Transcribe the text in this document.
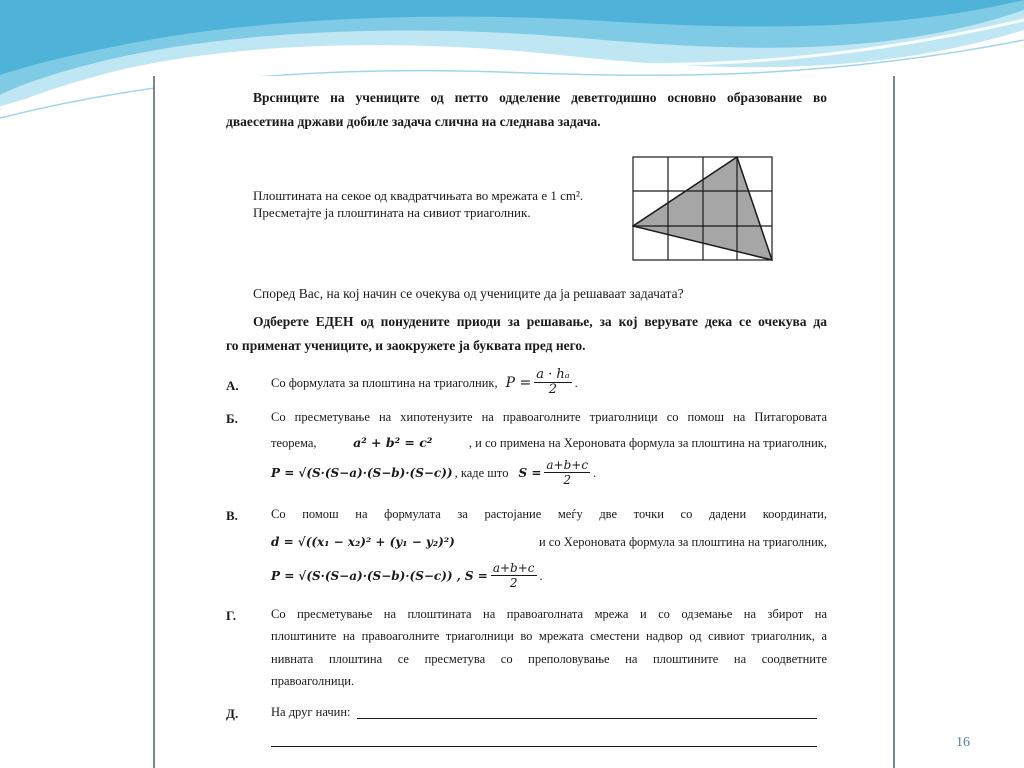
Врсниците на учениците од петто одделение деветгодишно основно образование во
дваесетина држави добиле задача слична на следнава задача.
Плоштината на секое од квадратчињата во мрежата е 1 cm².
Пресметајте ја плоштината на сивиот триаголник.
Според Вас, на кој начин се очекува од учениците да ја решаваат задачата?
Одберете ЕДЕН од понудените приоди за решавање, за кој верувате дека се очекува да
го применат учениците, и заокружете ја буквата пред него.
А.	Со формулата за плоштина на триаголник, $P = \frac{\text{a · hₐ}}{2}$ .
Б.	Со пресметување на хипотенузите на правоаголните триаголници со помош на Питагоровата
теорема,	a² + b² = c²	, и со примена на Хероновата формула за плоштина на триаголник,
P = √(S·(S−a)·(S−b)·(S−c)) , каде што $S = \frac{a+b+c}{2}$ .
В.	Со помош на формулата за растојание меѓу две точки со дадени координати,
d = √((x₁ − x₂)² + (y₁ − y₂)²)	и со Хероновата формула за плоштина на триаголник,
P = √(S·(S−a)·(S−b)·(S−c)) , $S = \frac{a+b+c}{2}$ .
Г.	Со пресметување на плоштината на правоаголната мрежа и со одземање на збирот на
плоштините на правоаголните триаголници во мрежата сместени надвор од сивиот триаголник, а
нивната плоштина се пресметува со преполовување на плоштините на соодветните
правоаголници.
Д.	На друг начин:
16
